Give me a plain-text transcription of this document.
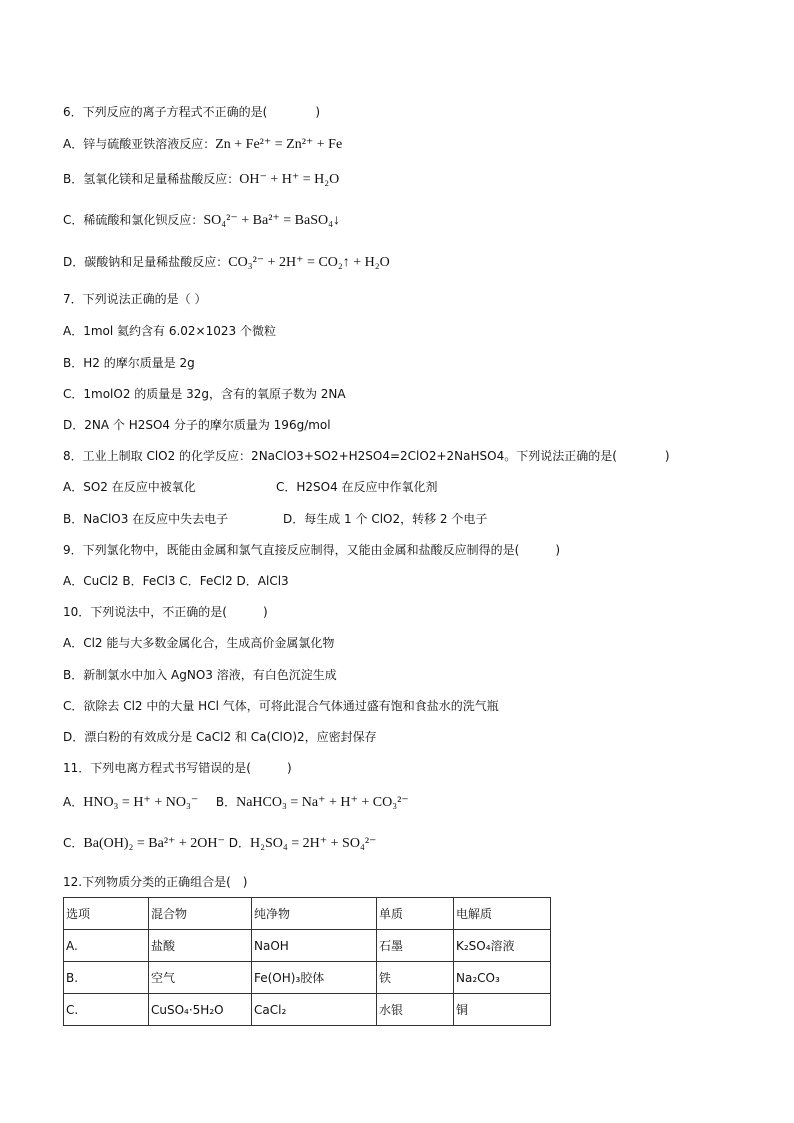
6．下列反应的离子方程式不正确的是(　　　　)
A．锌与硫酸亚铁溶液反应：Zn + Fe²⁺ = Zn²⁺ + Fe
B．氢氧化镁和足量稀盐酸反应：OH⁻ + H⁺ = H₂O
C．稀硫酸和氯化钡反应：SO₄²⁻ + Ba²⁺ = BaSO₄↓
D．碳酸钠和足量稀盐酸反应：CO₃²⁻ + 2H⁺ = CO₂↑ + H₂O
7．下列说法正确的是（ ）
A．1mol 氦约含有 6.02×1023 个微粒
B．H2 的摩尔质量是 2g
C．1molO2 的质量是 32g，含有的氧原子数为 2NA
D．2NA 个 H2SO4 分子的摩尔质量为 196g/mol
8．工业上制取 ClO2 的化学反应：2NaClO3+SO2+H2SO4=2ClO2+2NaHSO4。下列说法正确的是(　　　　)
A．SO2 在反应中被氧化	C．H2SO4 在反应中作氧化剂
B．NaClO3 在反应中失去电子	D．每生成 1 个 ClO2，转移 2 个电子
9．下列氯化物中，既能由金属和氯气直接反应制得，又能由金属和盐酸反应制得的是(　　　)
A．CuCl2 B．FeCl3 C．FeCl2 D．AlCl3
10．下列说法中，不正确的是(　　　)
A．Cl2 能与大多数金属化合，生成高价金属氯化物
B．新制氯水中加入 AgNO3 溶液，有白色沉淀生成
C．欲除去 Cl2 中的大量 HCl 气体，可将此混合气体通过盛有饱和食盐水的洗气瓶
D．漂白粉的有效成分是 CaCl2 和 Ca(ClO)2，应密封保存
11．下列电离方程式书写错误的是(　　　)
A．HNO₃ = H⁺ + NO₃⁻ B．NaHCO₃ = Na⁺ + H⁺ + CO₃²⁻
C．Ba(OH)₂ = Ba²⁺ + 2OH⁻ D．H₂SO₄ = 2H⁺ + SO₄²⁻
12.下列物质分类的正确组合是(　)
选项	混合物	纯净物	单质	电解质
A.	盐酸	NaOH	石墨	K₂SO₄溶液
B.	空气	Fe(OH)₃胶体	铁	Na₂CO₃
C.	CuSO₄·5H₂O	CaCl₂	水银	铜
